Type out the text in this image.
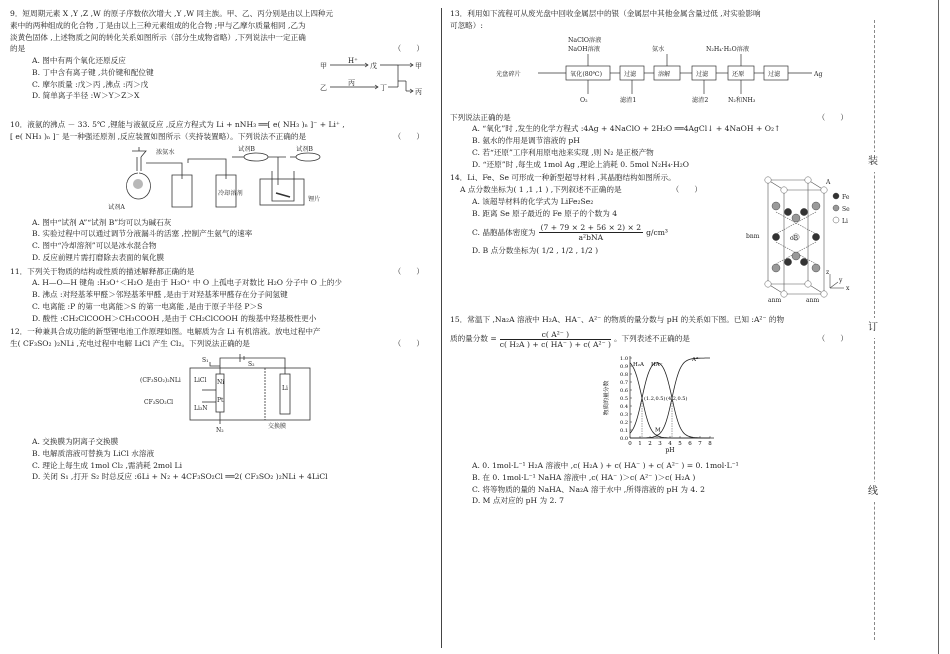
9．短周期元素 X ,Y ,Z ,W 的原子序数依次增大 ,Y ,W 同主族。甲、乙、丙分别是由以上四种元
素中的两种组成的化合物 ,丁是由以上三种元素组成的化合物 ;甲与乙摩尔质量相同 ,乙为
淡黄色固体 ,上述物质之间的转化关系如图所示（部分生成物省略）,下列说法中一定正确
的是	（　　）
A. 图中有两个氧化还原反应
B. 丁中含有离子键 ,共价键和配位键
C. 摩尔质量 :戊＞丙 ,沸点 :丙＞戊
D. 简单离子半径 :W＞Y＞Z＞X
甲
H⁺
戊	甲
乙
丙
丁	丙
10．液氨的沸点 － 33. 5℃ ,锂能与液氨反应 ,反应方程式为 Li + nNH₃ ══[ e( NH₃ )ₙ ]⁻ + Li⁺ ,
[ e( NH₃ )ₙ ]⁻ 是一种强还原剂 ,反应装置如图所示（夹持装置略）。下列说法不正确的是	（　　）
浓氨水
试剂A
试剂B	试剂B
冷却溶剂
锂片
A. 图中“试剂 A”“试剂 B”均可以为碱石灰
B. 实验过程中可以通过调节分液漏斗的活塞 ,控制产生氨气的速率
C. 图中“冷却溶剂”可以是冰水混合物
D. 反应前锂片需打磨除去表面的氧化膜
11．下列关于物质的结构或性质的描述解释都正确的是	（　　）
A. H—O—H 键角 :H₃O⁺＜H₂O 是由于 H₃O⁺ 中 O 上孤电子对数比 H₂O 分子中 O 上的少
B. 沸点 :对羟基苯甲醛＞邻羟基苯甲醛 ,是由于对羟基苯甲醛存在分子间氢键
C. 电离能 :P 的第一电离能＞S 的第一电离能 ,是由于原子半径 P＞S
D. 酸性 :CH₂ClCOOH＞CH₃COOH ,是由于 CH₂ClCOOH 的羧基中羟基极性更小
12．一种兼具合成功能的新型锂电池工作原理如图。电解质为含 Li 有机溶液。放电过程中产
生( CF₃SO₂ )₂NLi ,充电过程中电解 LiCl 产生 Cl₂。下列说法正确的是	（　　）
(CF₃SO₂)₂NLi
CF₃SO₂Cl
LiCl
Li₃N
Ni
Pt
Li
N₂
交换膜
S₁
S₂
A. 交换膜为阴离子交换膜
B. 电解质溶液可替换为 LiCl 水溶液
C. 理论上每生成 1mol Cl₂ ,需消耗 2mol Li
D. 关闭 S₁ ,打开 S₂ 时总反应 :6Li + N₂ + 4CF₃SO₂Cl ══2( CF₃SO₂ )₂NLi + 4LiCl
13．利用如下流程可从废光盘中回收金属层中的银（金属层中其他金属含量过低 ,对实验影响
可忽略）:
NaClO溶液
NaOH溶液	氨水	N₂H₄·H₂O溶液
光盘碎片	氧化(80℃)	过滤	溶解	过滤	还原	过滤	Ag
O₂	滤渣1	滤渣2	N₂和NH₃
下列说法正确的是	（　　）
A. “氧化”时 ,发生的化学方程式 :4Ag + 4NaClO + 2H₂O ══4AgCl↓ + 4NaOH + O₂↑
B. 氨水的作用是调节溶液的 pH
C. 若“还原”工序利用原电池来实现 ,则 N₂ 是正极产物
D. “还原”时 ,每生成 1mol Ag ,理论上消耗 0. 5mol N₂H₄·H₂O
14．Li、Fe、Se 可形成一种新型超导材料 ,其晶胞结构如图所示。
A 点分数坐标为( 1 ,1 ,1 ) ,下列叙述不正确的是	（　　）
A. 该超导材料的化学式为 LiFe₂Se₂
B. 距离 Se 原子最近的 Fe 原子的个数为 4
C. 晶胞晶体密度为
(7 + 79 × 2 + 56 × 2) × 2
a²bNA
g/cm³
D. B 点分数坐标为( 1/2 , 1/2 , 1/2 )
A
oB
bnm
anm	anm
Fe
Se
Li
x
y
z
15．常温下 ,Na₂A 溶液中 H₂A、HA⁻、A²⁻ 的物质的量分数与 pH 的关系如下图。已知 :A²⁻ 的物
质的量分数 = $\frac{\text{c( A²⁻ )}}{\text{c( H₂A ) + c( HA⁻ ) + c( A²⁻ )}}$ 。下列表述不正确的是	（　　）
0 1 2 3 4 5 6 7 8
0.0
0.1
0.2
0.3
0.4
0.5
0.6
0.7
0.8
0.9
1.0
pH
物质的量分数
H₂A HA⁻
A²⁻
(1.2,0.5) (4.2,0.5)
M
A. 0. 1mol·L⁻¹ H₂A 溶液中 ,c( H₂A ) + c( HA⁻ ) + c( A²⁻ ) = 0. 1mol·L⁻¹
B. 在 0. 1mol·L⁻¹ NaHA 溶液中 ,c( HA⁻ )＞c( A²⁻ )＞c( H₂A )
C. 将等物质的量的 NaHA、Na₂A 溶于水中 ,所得溶液的 pH 为 4. 2
D. M 点对应的 pH 为 2. 7
装
订
线
